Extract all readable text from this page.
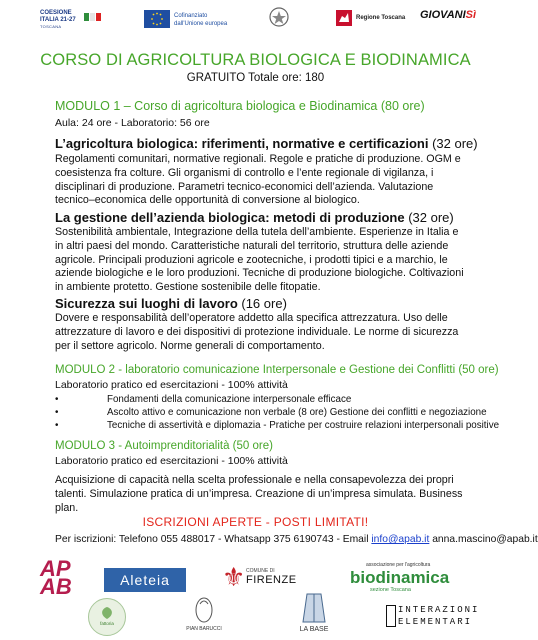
COESIONE
ITALIA 21-27
TOSCANA
Cofinanziato
dall'Unione europea
Regione Toscana GIOVANISì
CORSO DI AGRICOLTURA BIOLOGICA E BIODINAMICA
GRATUITO Totale ore: 180
MODULO 1 – Corso di agricoltura biologica e Biodinamica (80 ore)
Aula: 24 ore - Laboratorio: 56 ore
L’agricoltura biologica: riferimenti, normative e certificazioni (32 ore)
Regolamenti comunitari, normative regionali. Regole e pratiche di produzione. OGM e coesistenza fra colture. Gli organismi di controllo e l’ente regionale di vigilanza, i disciplinari di produzione. Parametri tecnico-economici dell’azienda. Valutazione tecnico–economica delle opportunità di conversione al biologico.
La gestione dell’azienda biologica: metodi di produzione (32 ore)
Sostenibilità ambientale, Integrazione della tutela dell’ambiente. Esperienze in Italia e in altri paesi del mondo. Caratteristiche naturali del territorio, struttura delle aziende agricole. Principali produzioni agricole e zootecniche, i prodotti tipici e a marchio, le aziende biologiche e le loro produzioni. Tecniche di produzione biologiche. Coltivazioni in ambiente protetto. Gestione sostenibile delle fitopatie.
Sicurezza sui luoghi di lavoro (16 ore)
Dovere e responsabilità dell’operatore addetto alla specifica attrezzatura. Uso delle attrezzature di lavoro e dei dispositivi di protezione individuale. Le norme di sicurezza per il settore agricolo. Norme generali di comportamento.
MODULO 2 - laboratorio comunicazione Interpersonale e Gestione dei Conflitti (50 ore)
Laboratorio pratico ed esercitazioni - 100% attività
•	Fondamenti della comunicazione interpersonale efficace
•	Ascolto attivo e comunicazione non verbale (8 ore) Gestione dei conflitti e negoziazione
•	Tecniche di assertività e diplomazia - Pratiche per costruire relazioni interpersonali positive
MODULO 3 - Autoimprenditorialità (50 ore)
Laboratorio pratico ed esercitazioni - 100% attività
Acquisizione di capacità nella scelta professionale e nella consapevolezza dei propri talenti. Simulazione pratica di un’impresa. Creazione di un’impresa simulata. Business plan.
ISCRIZIONI APERTE - POSTI LIMITATI!
Per iscrizioni: Telefono 055 488017 - Whatsapp 375 6190743 - Email info@apab.it anna.mascino@apab.it
AP
AB	Aleteia	⚜ COMUNE DI
FIRENZE
associazione per l'agricoltura
biodinamica
sezione Toscana
fattoria
PIAN BARUCCI	LA BASE
INTERAZIONI
ELEMENTARI
